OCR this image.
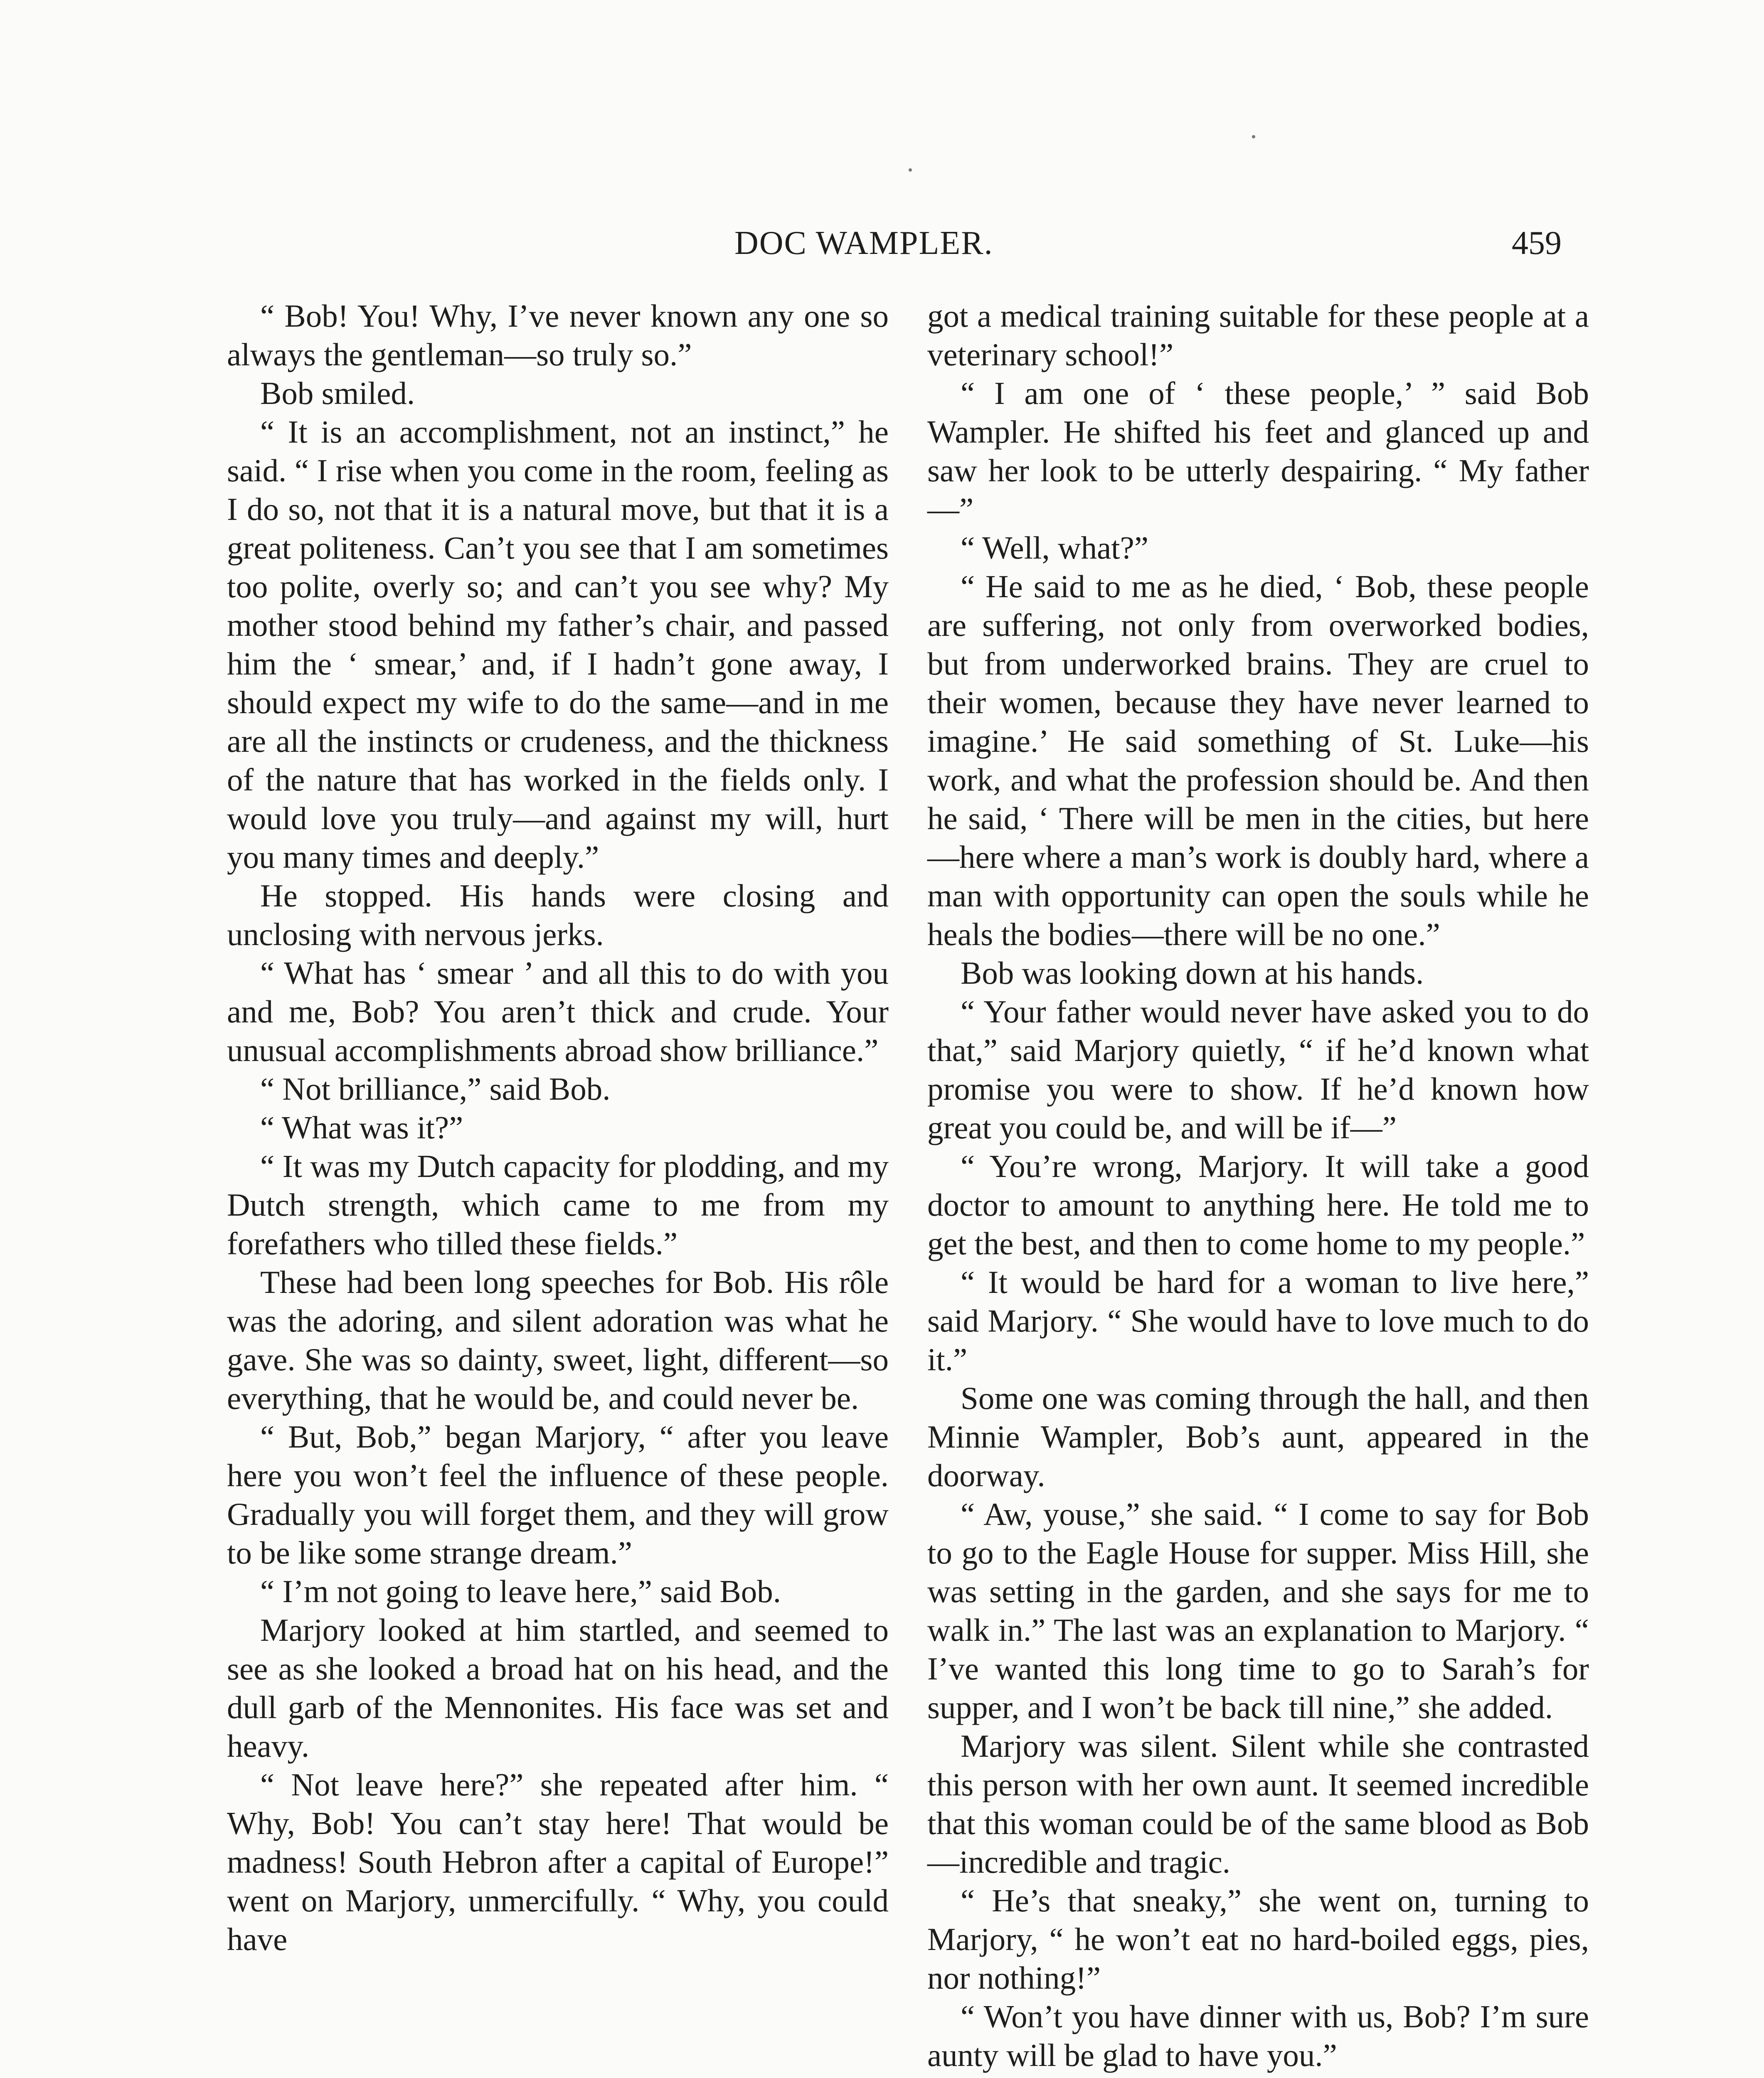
DOC WAMPLER.	459

“ Bob! You! Why, I’ve never known any one so always the gentleman—so truly so.”

Bob smiled.

“ It is an accomplishment, not an instinct,” he said. “ I rise when you come in the room, feeling as I do so, not that it is a natural move, but that it is a great politeness. Can’t you see that I am sometimes too polite, overly so; and can’t you see why? My mother stood behind my father’s chair, and passed him the ‘ smear,’ and, if I hadn’t gone away, I should expect my wife to do the same—and in me are all the instincts or crudeness, and the thickness of the nature that has worked in the fields only. I would love you truly—and against my will, hurt you many times and deeply.”

He stopped. His hands were closing and unclosing with nervous jerks.

“ What has ‘ smear ’ and all this to do with you and me, Bob? You aren’t thick and crude. Your unusual accomplishments abroad show brilliance.”

“ Not brilliance,” said Bob.

“ What was it?”

“ It was my Dutch capacity for plodding, and my Dutch strength, which came to me from my forefathers who tilled these fields.”

These had been long speeches for Bob. His rôle was the adoring, and silent adoration was what he gave. She was so dainty, sweet, light, different—so everything, that he would be, and could never be.

“ But, Bob,” began Marjory, “ after you leave here you won’t feel the influence of these people. Gradually you will forget them, and they will grow to be like some strange dream.”

“ I’m not going to leave here,” said Bob.

Marjory looked at him startled, and seemed to see as she looked a broad hat on his head, and the dull garb of the Mennonites. His face was set and heavy.

“ Not leave here?” she repeated after him. “ Why, Bob! You can’t stay here! That would be madness! South Hebron after a capital of Europe!” went on Marjory, unmercifully. “ Why, you could have

got a medical training suitable for these people at a veterinary school!”

“ I am one of ‘ these people,’ ” said Bob Wampler. He shifted his feet and glanced up and saw her look to be utterly despairing. “ My father—”

“ Well, what?”

“ He said to me as he died, ‘ Bob, these people are suffering, not only from overworked bodies, but from underworked brains. They are cruel to their women, because they have never learned to imagine.’ He said something of St. Luke—his work, and what the profession should be. And then he said, ‘ There will be men in the cities, but here—here where a man’s work is doubly hard, where a man with opportunity can open the souls while he heals the bodies—there will be no one.”

Bob was looking down at his hands.

“ Your father would never have asked you to do that,” said Marjory quietly, “ if he’d known what promise you were to show. If he’d known how great you could be, and will be if—”

“ You’re wrong, Marjory. It will take a good doctor to amount to anything here. He told me to get the best, and then to come home to my people.”

“ It would be hard for a woman to live here,” said Marjory. “ She would have to love much to do it.”

Some one was coming through the hall, and then Minnie Wampler, Bob’s aunt, appeared in the doorway.

“ Aw, youse,” she said. “ I come to say for Bob to go to the Eagle House for supper. Miss Hill, she was setting in the garden, and she says for me to walk in.” The last was an explanation to Marjory. “ I’ve wanted this long time to go to Sarah’s for supper, and I won’t be back till nine,” she added.

Marjory was silent. Silent while she contrasted this person with her own aunt. It seemed incredible that this woman could be of the same blood as Bob—incredible and tragic.

“ He’s that sneaky,” she went on, turning to Marjory, “ he won’t eat no hard-boiled eggs, pies, nor nothing!”

“ Won’t you have dinner with us, Bob? I’m sure aunty will be glad to have you.”
